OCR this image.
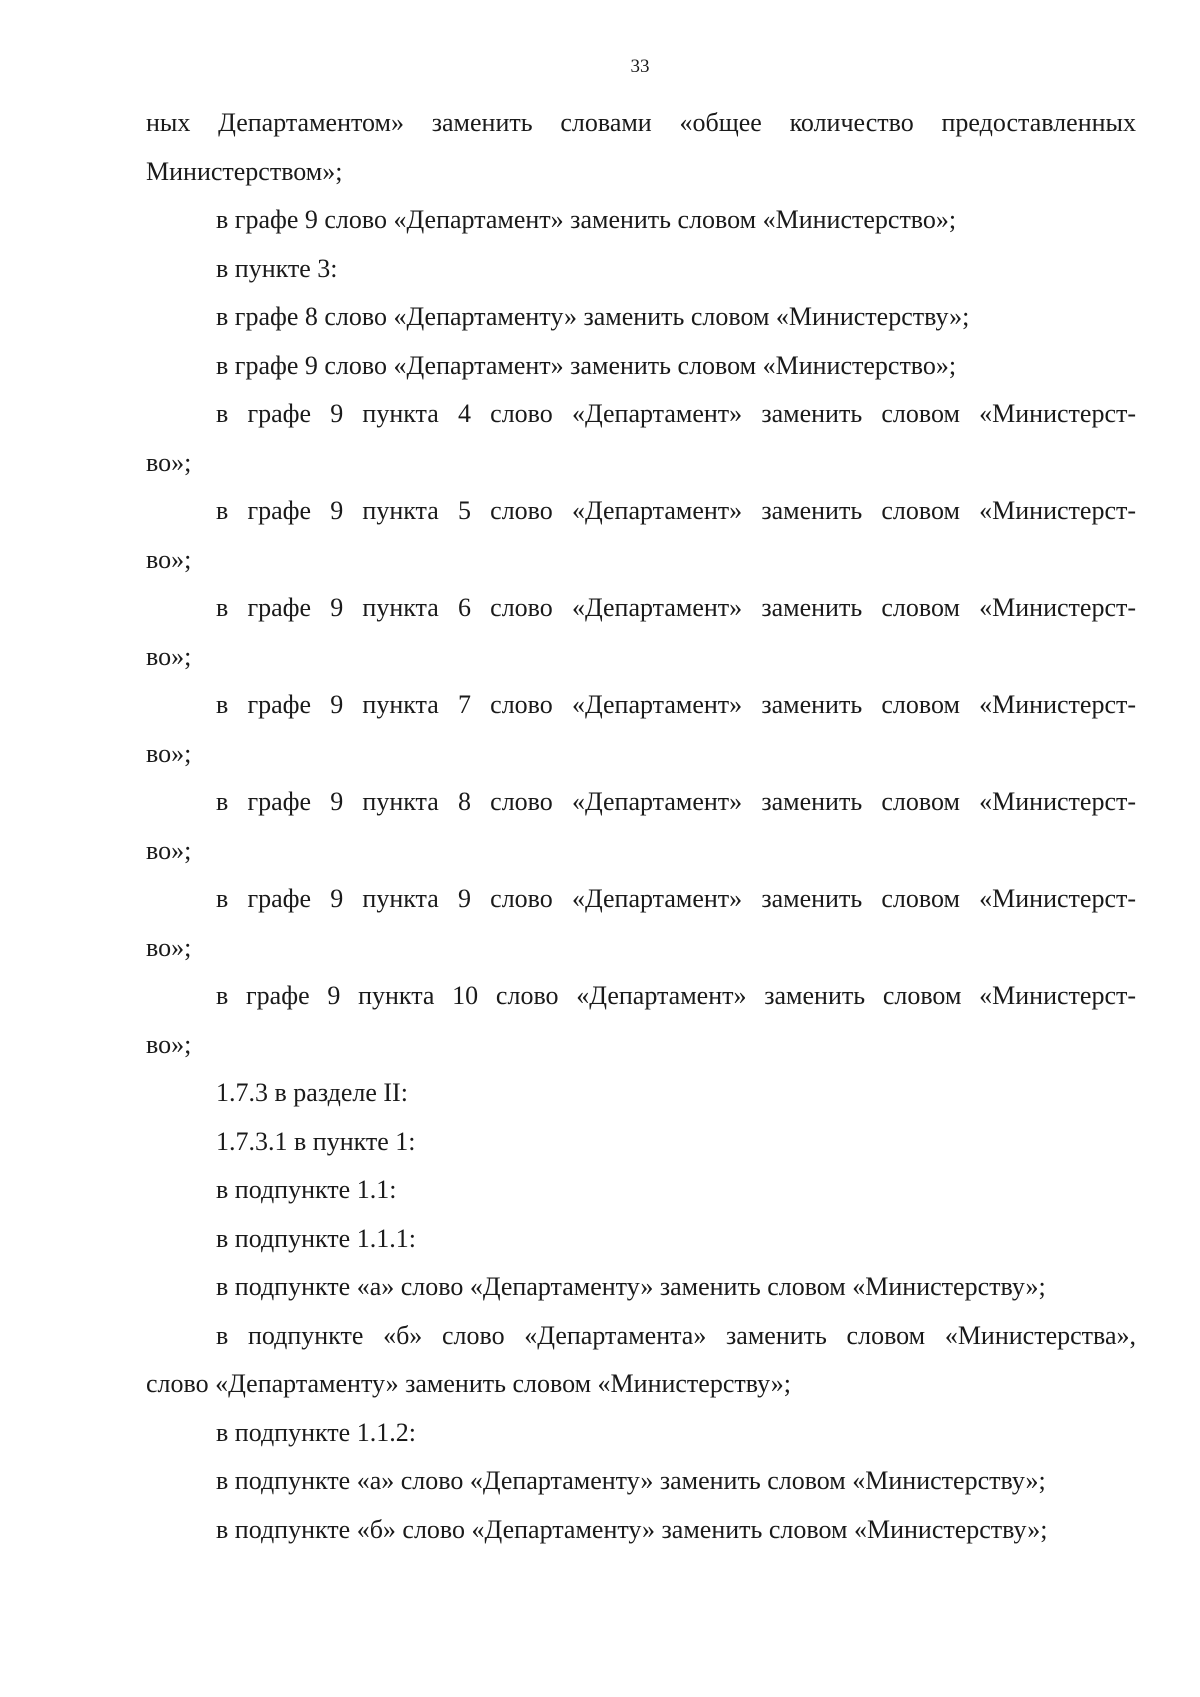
33
ных Департаментом» заменить словами «общее количество предоставленных
Министерством»;
в графе 9 слово «Департамент» заменить словом «Министерство»;
в пункте 3:
в графе 8 слово «Департаменту» заменить словом «Министерству»;
в графе 9 слово «Департамент» заменить словом «Министерство»;
в графе 9 пункта 4 слово «Департамент» заменить словом «Министерст-
во»;
в графе 9 пункта 5 слово «Департамент» заменить словом «Министерст-
во»;
в графе 9 пункта 6 слово «Департамент» заменить словом «Министерст-
во»;
в графе 9 пункта 7 слово «Департамент» заменить словом «Министерст-
во»;
в графе 9 пункта 8 слово «Департамент» заменить словом «Министерст-
во»;
в графе 9 пункта 9 слово «Департамент» заменить словом «Министерст-
во»;
в графе 9 пункта 10 слово «Департамент» заменить словом «Министерст-
во»;
1.7.3 в разделе II:
1.7.3.1 в пункте 1:
в подпункте 1.1:
в подпункте 1.1.1:
в подпункте «а» слово «Департаменту» заменить словом «Министерству»;
в подпункте «б» слово «Департамента» заменить словом «Министерства»,
слово «Департаменту» заменить словом «Министерству»;
в подпункте 1.1.2:
в подпункте «а» слово «Департаменту» заменить словом «Министерству»;
в подпункте «б» слово «Департаменту» заменить словом «Министерству»;
